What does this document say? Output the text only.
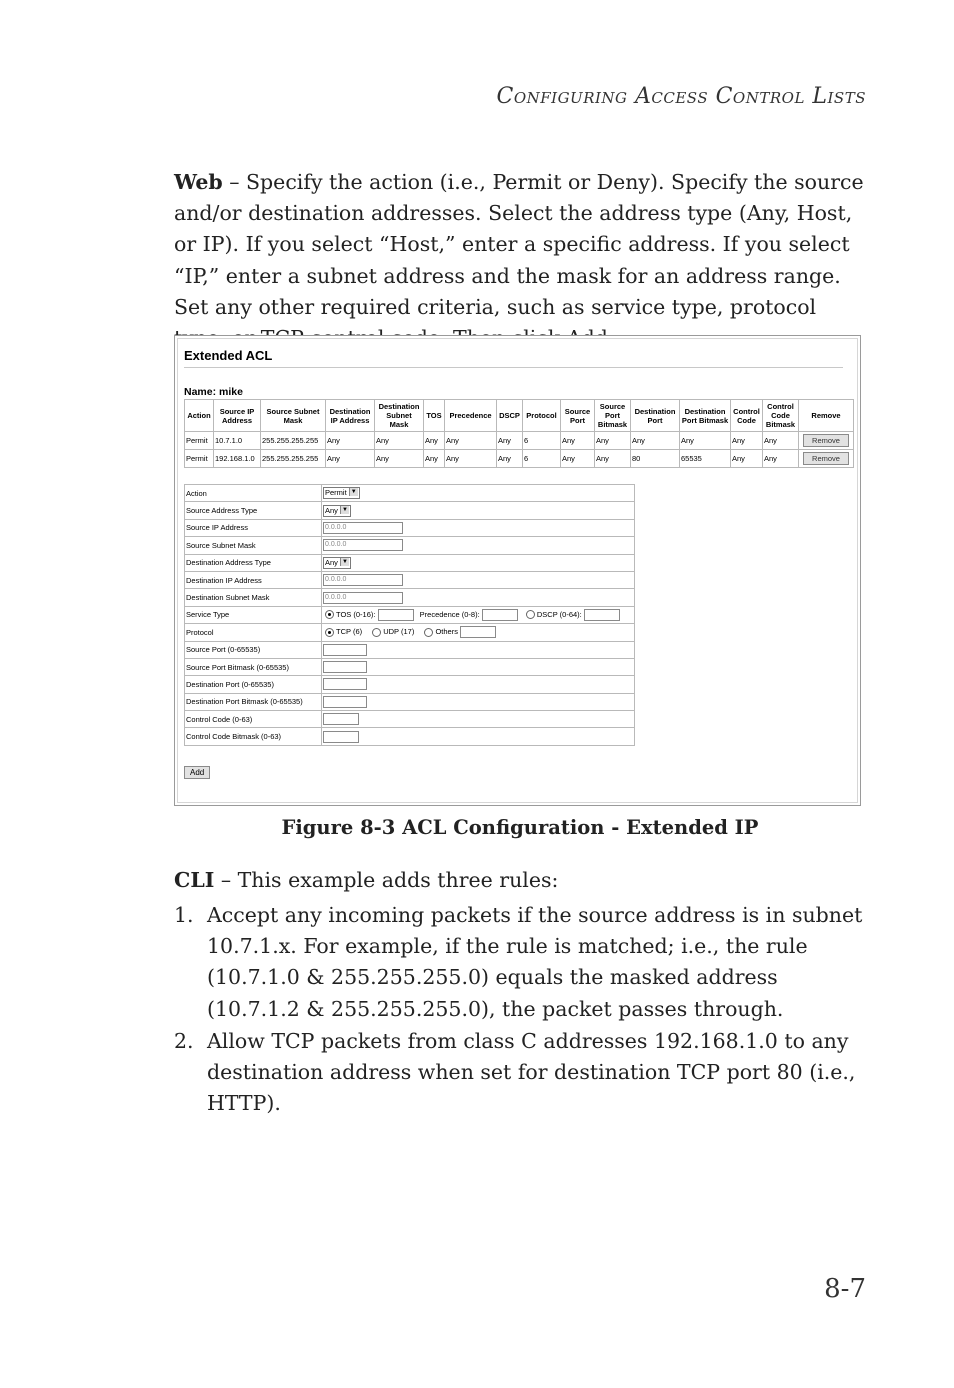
Configuring Access Control Lists
Web – Specify the action (i.e., Permit or Deny). Specify the source and/or destination addresses. Select the address type (Any, Host, or IP). If you select “Host,” enter a specific address. If you select “IP,” enter a subnet address and the mask for an address range. Set any other required criteria, such as service type, protocol
Extended ACL
Name: mike
Action	Source IP Address	Source Subnet Mask	Destination IP Address	Destination Subnet Mask	TOS	Precedence	DSCP	Protocol	Source Port	Source Port Bitmask	Destination Port	Destination Port Bitmask	Control Code	Control Code Bitmask	Remove
Permit	10.7.1.0	255.255.255.255	Any	Any	Any	Any	Any	6	Any	Any	Any	Any	Any	Any	Remove
Permit	192.168.1.0	255.255.255.255	Any	Any	Any	Any	Any	6	Any	Any	80	65535	Any	Any	Remove
Action	Permit ▼
Source Address Type	Any ▼
Source IP Address	0.0.0.0
Source Subnet Mask	0.0.0.0
Destination Address Type	Any ▼
Destination IP Address	0.0.0.0
Destination Subnet Mask	0.0.0.0
Service Type	TOS (0-16): Precedence (0-8): DSCP (0-64):
Protocol	TCP (6) UDP (17) Others
Source Port (0-65535)	
Source Port Bitmask (0-65535)	
Destination Port (0-65535)	
Destination Port Bitmask (0-65535)	
Control Code (0-63)	
Control Code Bitmask (0-63)	
Add
Figure 8-3 ACL Configuration - Extended IP
CLI – This example adds three rules:
1. Accept any incoming packets if the source address is in subnet 10.7.1.x. For example, if the rule is matched; i.e., the rule (10.7.1.0 & 255.255.255.0) equals the masked address (10.7.1.2 & 255.255.255.0), the packet passes through.
2. Allow TCP packets from class C addresses 192.168.1.0 to any destination address when set for destination TCP port 80 (i.e., HTTP).
8-7
